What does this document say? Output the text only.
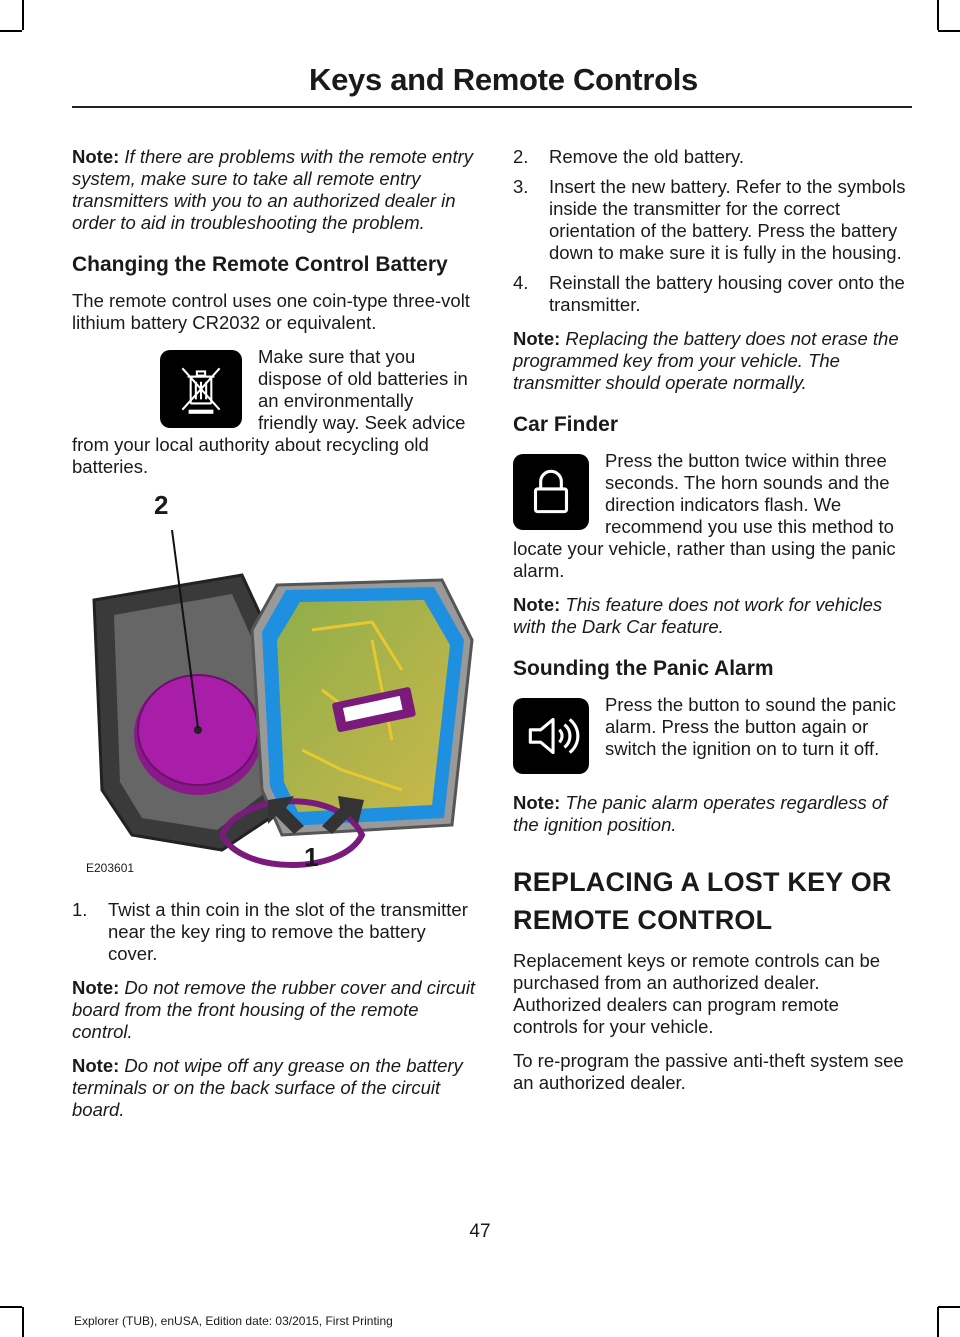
Keys and Remote Controls

Note: If there are problems with the remote entry system, make sure to take all remote entry transmitters with you to an authorized dealer in order to aid in troubleshooting the problem.

Changing the Remote Control Battery

The remote control uses one coin-type three-volt lithium battery CR2032 or equivalent.

Make sure that you dispose of old batteries in an environmentally friendly way. Seek advice from your local authority about recycling old batteries.
2
1
E203601
1. Twist a thin coin in the slot of the transmitter near the key ring to remove the battery cover.

Note: Do not remove the rubber cover and circuit board from the front housing of the remote control.

Note: Do not wipe off any grease on the battery terminals or on the back surface of the circuit board.

2. Remove the old battery.
3. Insert the new battery. Refer to the symbols inside the transmitter for the correct orientation of the battery. Press the battery down to make sure it is fully in the housing.
4. Reinstall the battery housing cover onto the transmitter.

Note: Replacing the battery does not erase the programmed key from your vehicle. The transmitter should operate normally.

Car Finder
Press the button twice within three seconds. The horn sounds and the direction indicators flash. We recommend you use this method to locate your vehicle, rather than using the panic alarm.

Note: This feature does not work for vehicles with the Dark Car feature.

Sounding the Panic Alarm
Press the button to sound the panic alarm. Press the button again or switch the ignition on to turn it off.

Note: The panic alarm operates regardless of the ignition position.

REPLACING A LOST KEY OR
REMOTE CONTROL

Replacement keys or remote controls can be purchased from an authorized dealer. Authorized dealers can program remote controls for your vehicle.

To re-program the passive anti-theft system see an authorized dealer.

47
Explorer (TUB), enUSA, Edition date: 03/2015, First Printing
